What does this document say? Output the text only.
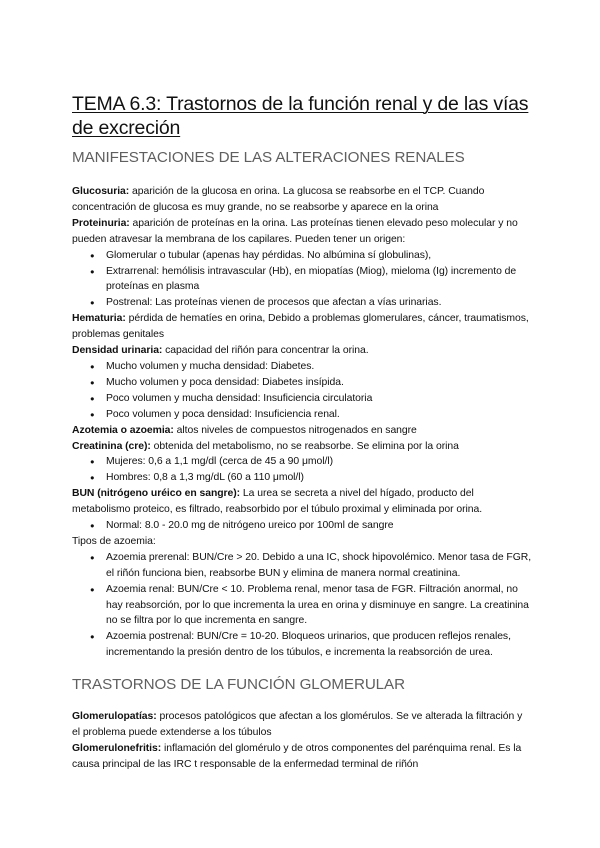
TEMA 6.3: Trastornos de la función renal y de las vías de excreción
MANIFESTACIONES DE LAS ALTERACIONES RENALES

Glucosuria: aparición de la glucosa en orina. La glucosa se reabsorbe en el TCP. Cuando concentración de glucosa es muy grande, no se reabsorbe y aparece en la orina

Proteinuria: aparición de proteínas en la orina. Las proteínas tienen elevado peso molecular y no pueden atravesar la membrana de los capilares. Pueden tener un origen:

● Glomerular o tubular (apenas hay pérdidas. No albúmina sí globulinas),
● Extrarrenal: hemólisis intravascular (Hb), en miopatías (Miog), mieloma (Ig) incremento de proteínas en plasma
● Postrenal: Las proteínas vienen de procesos que afectan a vías urinarias.

Hematuria: pérdida de hematíes en orina, Debido a problemas glomerulares, cáncer, traumatismos, problemas genitales

Densidad urinaria: capacidad del riñón para concentrar la orina.

● Mucho volumen y mucha densidad: Diabetes.
● Mucho volumen y poca densidad: Diabetes insípida.
● Poco volumen y mucha densidad: Insuficiencia circulatoria
● Poco volumen y poca densidad: Insuficiencia renal.

Azotemia o azoemia: altos niveles de compuestos nitrogenados en sangre

Creatinina (cre): obtenida del metabolismo, no se reabsorbe. Se elimina por la orina

● Mujeres: 0,6 a 1,1 mg/dl (cerca de 45 a 90 μmol/l)
● Hombres: 0,8 a 1,3 mg/dL (60 a 110 μmol/l)

BUN (nitrógeno uréico en sangre): La urea se secreta a nivel del hígado, producto del metabolismo proteico, es filtrado, reabsorbido por el túbulo proximal y eliminada por orina.

● Normal: 8.0 - 20.0 mg de nitrógeno ureico por 100ml de sangre

Tipos de azoemia:

● Azoemia prerenal: BUN/Cre > 20. Debido a una IC, shock hipovolémico. Menor tasa de FGR, el riñón funciona bien, reabsorbe BUN y elimina de manera normal creatinina.
● Azoemia renal: BUN/Cre < 10. Problema renal, menor tasa de FGR. Filtración anormal, no hay reabsorción, por lo que incrementa la urea en orina y disminuye en sangre. La creatinina no se filtra por lo que incrementa en sangre.
● Azoemia postrenal: BUN/Cre = 10-20. Bloqueos urinarios, que producen reflejos renales, incrementando la presión dentro de los túbulos, e incrementa la reabsorción de urea.
TRASTORNOS DE LA FUNCIÓN GLOMERULAR

Glomerulopatías: procesos patológicos que afectan a los glomérulos. Se ve alterada la filtración y el problema puede extenderse a los túbulos

Glomerulonefritis: inflamación del glomérulo y de otros componentes del parénquima renal. Es la causa principal de las IRC t responsable de la enfermedad terminal de riñón
